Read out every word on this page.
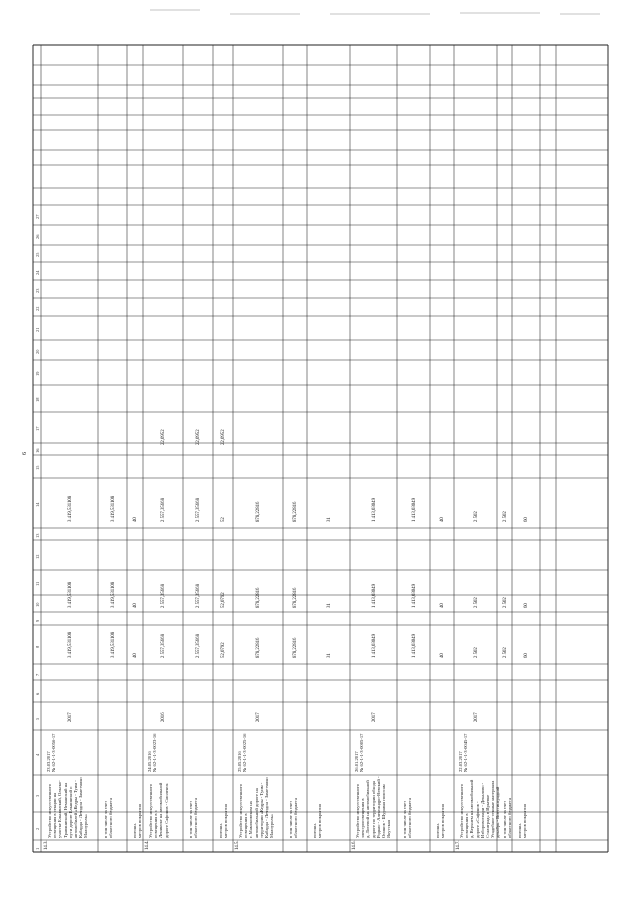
6
1
2
3
4
5
6
7
8
9
10
11
12
13
14
15
16
17
18
19
20
21
22
23
24
25
26
27
14.3.
Устройство искусственного
освещения в секции на
участке Ельнинский, Ольско-
Травяниский, Неманский на
пути дороге Ельнинской о
автомобилей «Кедры - Туим -
Кабарда - Лечэдон - Заметчмко
Малоуроль»
23.03.2017
№ 62-1-1-3-0056-17
2017
3 419,531108
3 419,531108
3 419,531108
в том числе за счет
областного бюджета
3 419,531108
3 419,531108
3 419,531108
погонн.
метров покрытия
40
40
40
14.4.
Устройство искусственного
освещения в г.
Ленинске на автомобильной
дороге Сафонов - Смоленск
24.05.2016
№ 62-1-1-3-0023-16
2016
2 557,35668
2 557,35668
2 557,35668
22,0952
в том числе за счет
областного бюджета
2 557,35668
2 557,35668
2 557,35668
22,0952
погонн.
метров покрытия
52,0792
52,0792
52
22,0952
14.5.
Устройство искусственного
освещения в
г. Мамоновском на
автомобильной дороге на
территории «Кедры - Туим -
Кабарда - Лечэдон - Заметчмко
Малоуроль»
25.05.2016
№ 62-1-1-3-0025-16
2017
878,22816
878,22816
878,22816
в том числе за счет
областного бюджета
878,22816
878,22816
878,22816
погонн.
метров покрытия
31
31
31
14.6.
Устройство искусственного
электроосвещения в
д. Лосевой на автомобильной
дороге по территории обхода
Роднас - Александро-Невский -
Осинов - Шуравая полосам
Якутская
26.01.2017
№ 62-1-1-3-0005-17
2017
1 413,03049
1 413,03049
1 413,03049
в том числе за счет
областного бюджета
1 413,03049
1 413,03049
1 413,03049
погонн.
метров покрытия
40
40
40
14.7.
Устройство искусственного
освещения в
д. Верхнем на автомобильной
дороге «Сафонов -
Изборовоспари - Декалово -
Сталиград» в Ирьевке
Усадебное темные материала
декабрь - Воестинградкий
22.03.2017
№ 62-1-1-3-0045-17
2017
2 502
2 502
2 502
в том числе за счет
областного бюджета
2 502
2 502
2 502
погонн.
метров покрытия
60
60
60
